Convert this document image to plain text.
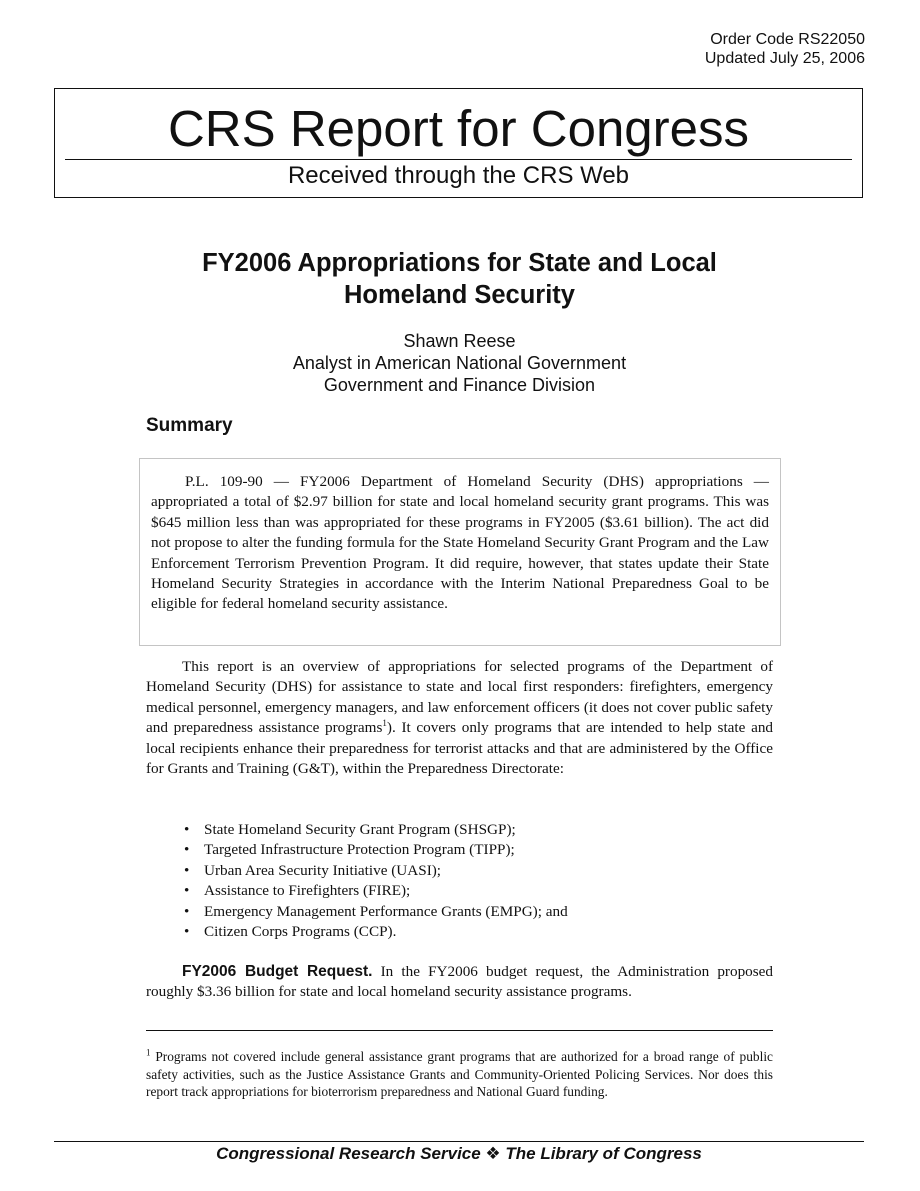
Order Code RS22050
Updated July 25, 2006
CRS Report for Congress
Received through the CRS Web
FY2006 Appropriations for State and Local
Homeland Security
Shawn Reese
Analyst in American National Government
Government and Finance Division
Summary

P.L. 109-90 — FY2006 Department of Homeland Security (DHS) appropriations — appropriated a total of $2.97 billion for state and local homeland security grant programs. This was $645 million less than was appropriated for these programs in FY2005 ($3.61 billion). The act did not propose to alter the funding formula for the State Homeland Security Grant Program and the Law Enforcement Terrorism Prevention Program. It did require, however, that states update their State Homeland Security Strategies in accordance with the Interim National Preparedness Goal to be eligible for federal homeland security assistance.

This report is an overview of appropriations for selected programs of the Department of Homeland Security (DHS) for assistance to state and local first responders: firefighters, emergency medical personnel, emergency managers, and law enforcement officers (it does not cover public safety and preparedness assistance programs$^1$). It covers only programs that are intended to help state and local recipients enhance their preparedness for terrorist attacks and that are administered by the Office for Grants and Training (G&T), within the Preparedness Directorate:

• State Homeland Security Grant Program (SHSGP);
• Targeted Infrastructure Protection Program (TIPP);
• Urban Area Security Initiative (UASI);
• Assistance to Firefighters (FIRE);
• Emergency Management Performance Grants (EMPG); and
• Citizen Corps Programs (CCP).

FY2006 Budget Request. In the FY2006 budget request, the Administration proposed roughly $3.36 billion for state and local homeland security assistance programs.

$^1$ Programs not covered include general assistance grant programs that are authorized for a broad range of public safety activities, such as the Justice Assistance Grants and Community-Oriented Policing Services. Nor does this report track appropriations for bioterrorism preparedness and National Guard funding.

Congressional Research Service ❖ The Library of Congress
